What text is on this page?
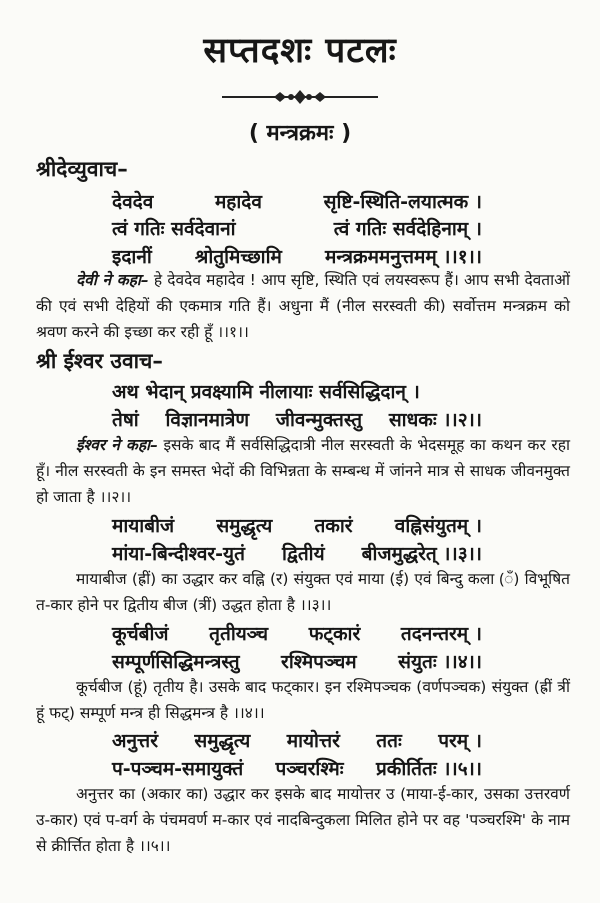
सप्तदशः पटलः
( मन्त्रक्रमः )
श्रीदेव्युवाच–
देवदेव	महादेव	सृष्टि-स्थिति-लयात्मक ।
त्वं गतिः सर्वदेवानां	त्वं गतिः सर्वदेहिनाम् ।
इदानीं श्रोतुमिच्छामि मन्त्रक्रममनुत्तमम् ।।१।।
देवी ने कहा– हे देवदेव महादेव ! आप सृष्टि, स्थिति एवं लयस्वरूप हैं। आप सभी देवताओं की एवं सभी देहियों की एकमात्र गति हैं। अधुना मैं (नील सरस्वती की) सर्वोत्तम मन्त्रक्रम को श्रवण करने की इच्छा कर रही हूँ ।।१।।
श्री ईश्वर उवाच–
अथ भेदान् प्रवक्ष्यामि नीलायाः सर्वसिद्धिदान् ।
तेषां विज्ञानमात्रेण जीवन्मुक्तस्तु साधकः ।।२।।
ईश्वर ने कहा– इसके बाद मैं सर्वसिद्धिदात्री नील सरस्वती के भेदसमूह का कथन कर रहा हूँ। नील सरस्वती के इन समस्त भेदों की विभिन्नता के सम्बन्ध में जांनने मात्र से साधक जीवनमुक्त हो जाता है ।।२।।
मायाबीजं समुद्धृत्य तकारं वह्निसंयुतम् ।
मांया-बिन्दीश्वर-युतं द्वितीयं बीजमुद्धरेत् ।।३।।
मायाबीज (ह्रीं) का उद्धार कर वह्नि (र) संयुक्त एवं माया (ई) एवं बिन्दु कला (ँ) विभूषित त-कार होने पर द्वितीय बीज (त्रीं) उद्धत होता है ।।३।।
कूर्चबीजं तृतीयञ्च फट्कारं तदनन्तरम् ।
सम्पूर्णसिद्धिमन्त्रस्तु रश्मिपञ्चम संयुतः ।।४।।
कूर्चबीज (हूं) तृतीय है। उसके बाद फट्कार। इन रश्मिपञ्चक (वर्णपञ्चक) संयुक्त (ह्रीं त्रीं हूं फट्) सम्पूर्ण मन्त्र ही सिद्धमन्त्र है ।।४।।
अनुत्तरं समुद्धृत्य मायोत्तरं ततः परम् ।
प-पञ्चम-समायुक्तं पञ्चरश्मिः प्रकीर्तितः ।।५।।
अनुत्तर का (अकार का) उद्धार कर इसके बाद मायोत्तर उ (माया-ई-कार, उसका उत्तरवर्ण उ-कार) एवं प-वर्ग के पंचमवर्ण म-कार एवं नादबिन्दुकला मिलित होने पर वह 'पञ्चरश्मि' के नाम से क्रीर्त्तित होता है ।।५।।
